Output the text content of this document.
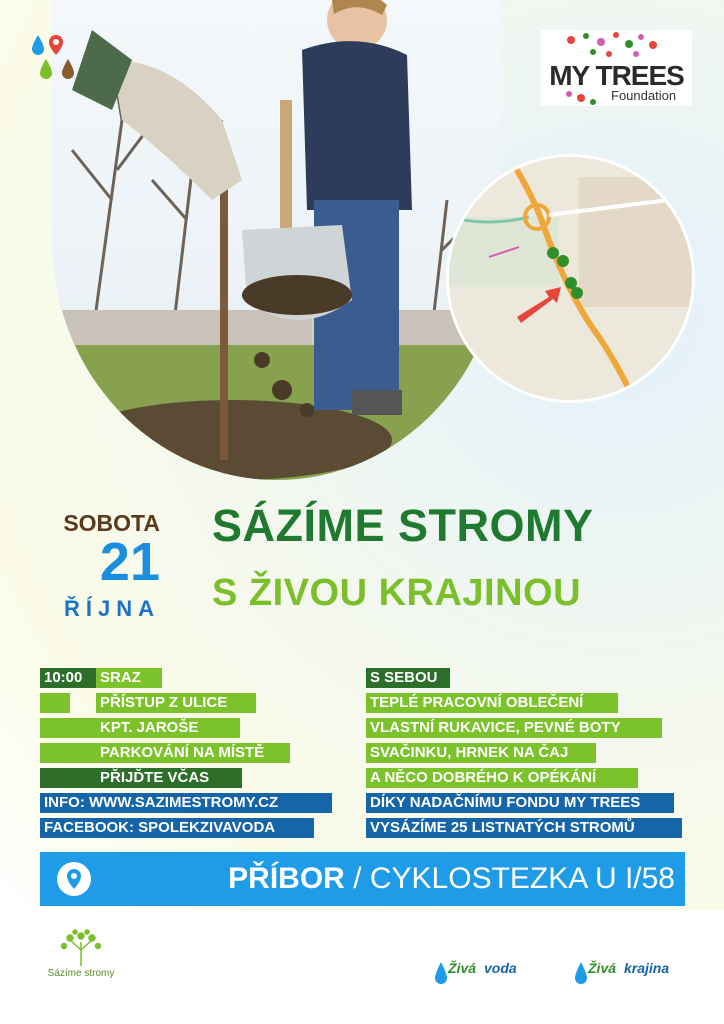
MY TREES
Foundation
SOBOTA
21
ŘÍJNA
SÁZÍME STROMY
S ŽIVOU KRAJINOU
10:00	SRAZ
PŘÍSTUP Z ULICE
KPT. JAROŠE
PARKOVÁNÍ NA MÍSTĚ
PŘIJĎTE VČAS
INFO: WWW.SAZIMESTROMY.CZ
FACEBOOK: SPOLEKZIVAVODA
S SEBOU
TEPLÉ PRACOVNÍ OBLEČENÍ
VLASTNÍ RUKAVICE, PEVNÉ BOTY
SVAČINKU, HRNEK NA ČAJ
A NĚCO DOBRÉHO K OPÉKÁNÍ
DÍKY NADAČNÍMU FONDU MY TREES
VYSÁZÍME 25 LISTNATÝCH STROMŮ
PŘÍBOR / CYKLOSTEZKA U I/58
Sázíme stromy	Živá voda	Živá krajina
